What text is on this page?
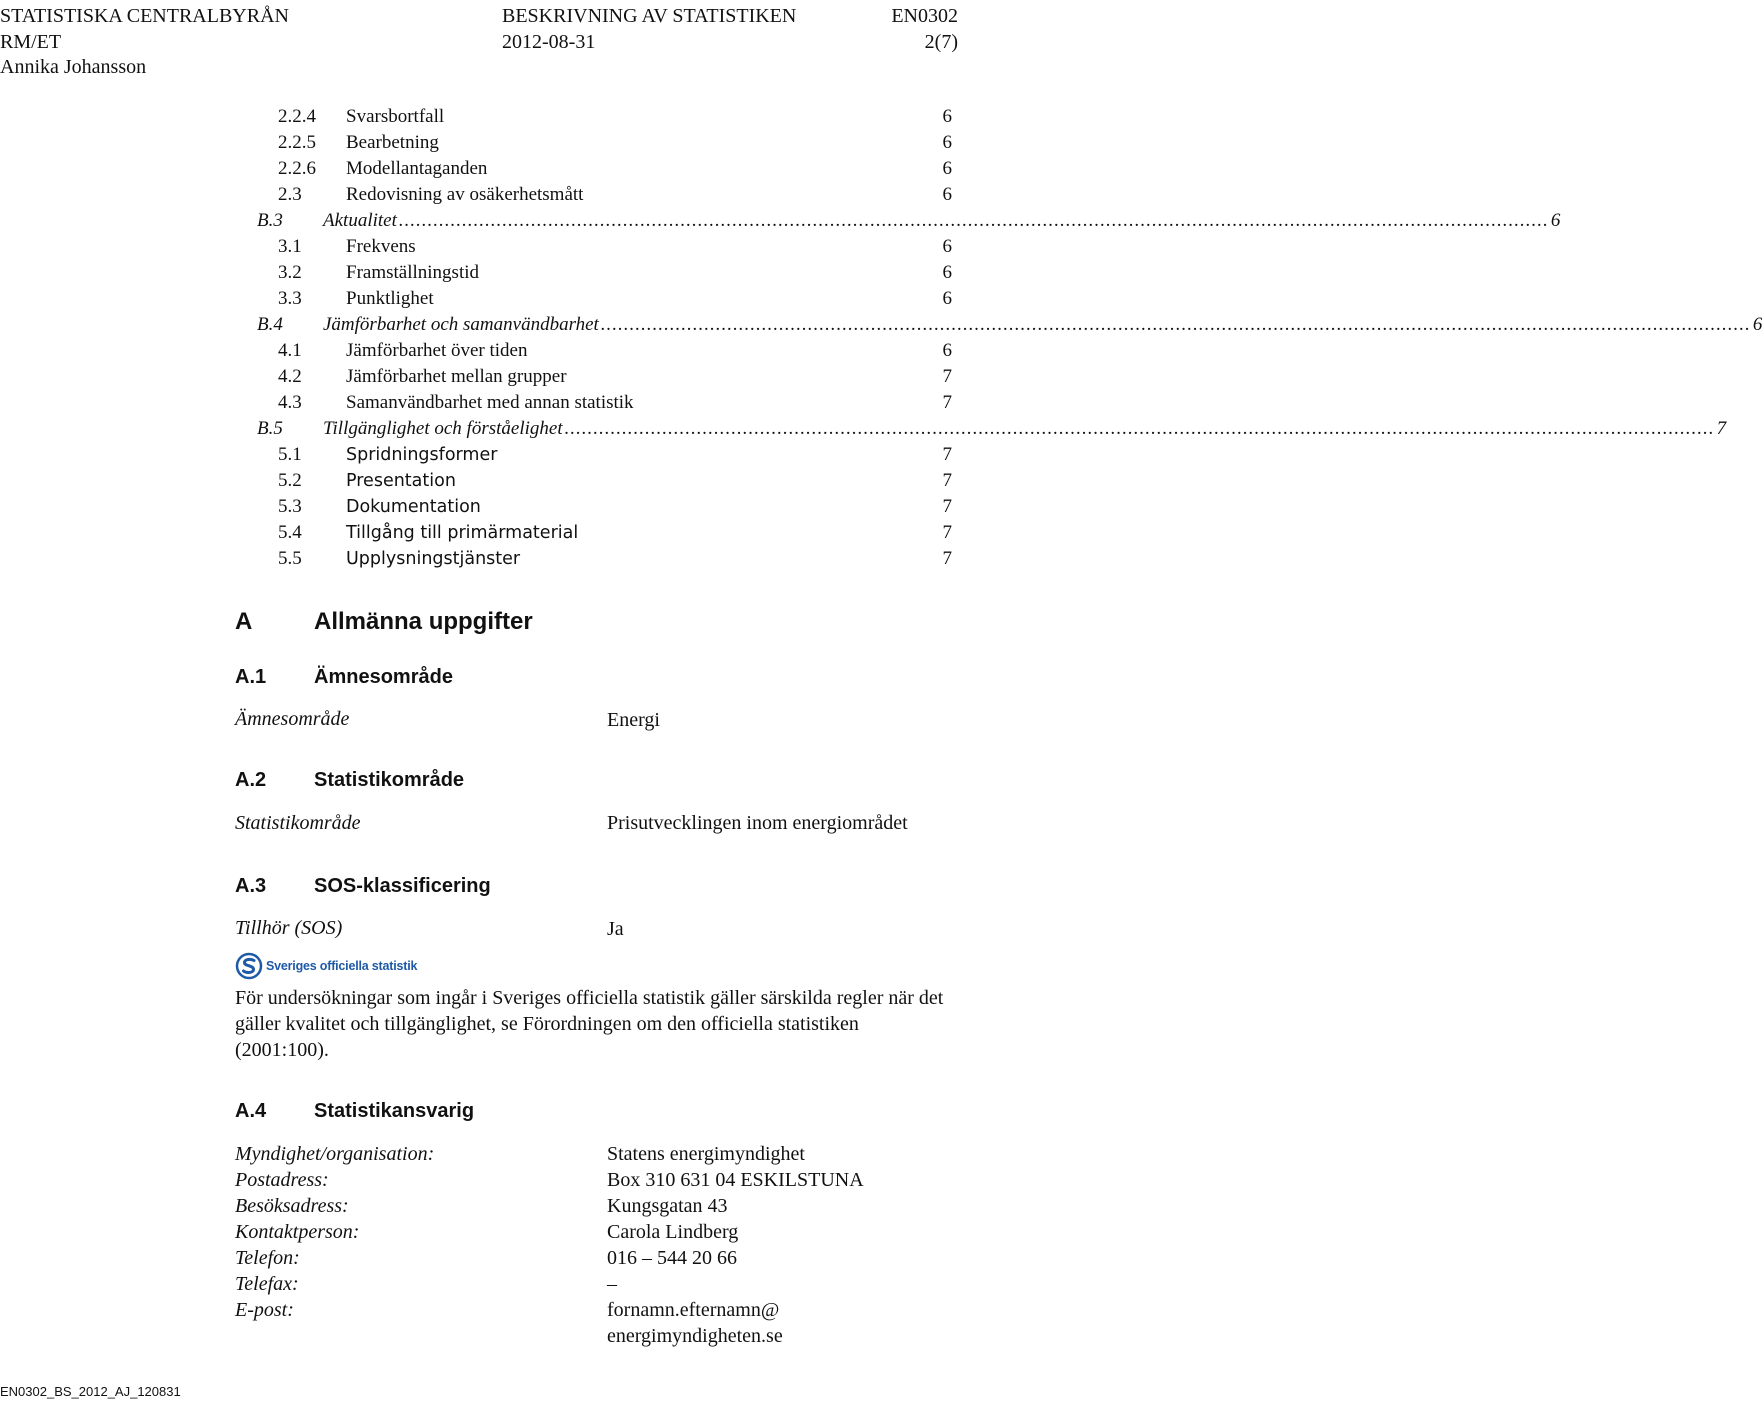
STATISTISKA CENTRALBYRÅN	BESKRIVNING AV STATISTIKEN	EN0302
RM/ET	2012-08-31	2(7)
Annika Johansson
2.2.4 Svarsbortfall	6
2.2.5 Bearbetning	6
2.2.6 Modellantaganden	6
2.3 Redovisning av osäkerhetsmått	6
B.3 Aktualitet ........................................................................................................................................................................................................ 6
3.1 Frekvens	6
3.2 Framställningstid	6
3.3 Punktlighet	6
B.4 Jämförbarhet och samanvändbarhet ........................................................................................................................................................................................................ 6
4.1 Jämförbarhet över tiden	6
4.2 Jämförbarhet mellan grupper	7
4.3 Samanvändbarhet med annan statistik	7
B.5 Tillgänglighet och förståelighet ........................................................................................................................................................................................................ 7
5.1	Spridningsformer	7
5.2	Presentation	7
5.3	Dokumentation	7
5.4	Tillgång till primärmaterial	7
5.5	Upplysningstjänster	7
A	Allmänna uppgifter
A.1 Ämnesområde
Ämnesområde	Energi
A.2 Statistikområde
Statistikområde	Prisutvecklingen inom energiområdet
A.3 SOS-klassificering
Tillhör (SOS)	Ja
Sveriges officiella statistik
För undersökningar som ingår i Sveriges officiella statistik gäller särskilda regler när det gäller kvalitet och tillgänglighet, se Förordningen om den officiella statistiken (2001:100).
A.4 Statistikansvarig
Myndighet/organisation:	Statens energimyndighet
Postadress:	Box 310 631 04 ESKILSTUNA
Besöksadress:	Kungsgatan 43
Kontaktperson:	Carola Lindberg
Telefon:	016 – 544 20 66
Telefax:	–
E-post:	fornamn.efternamn@
energimyndigheten.se
EN0302_BS_2012_AJ_120831
